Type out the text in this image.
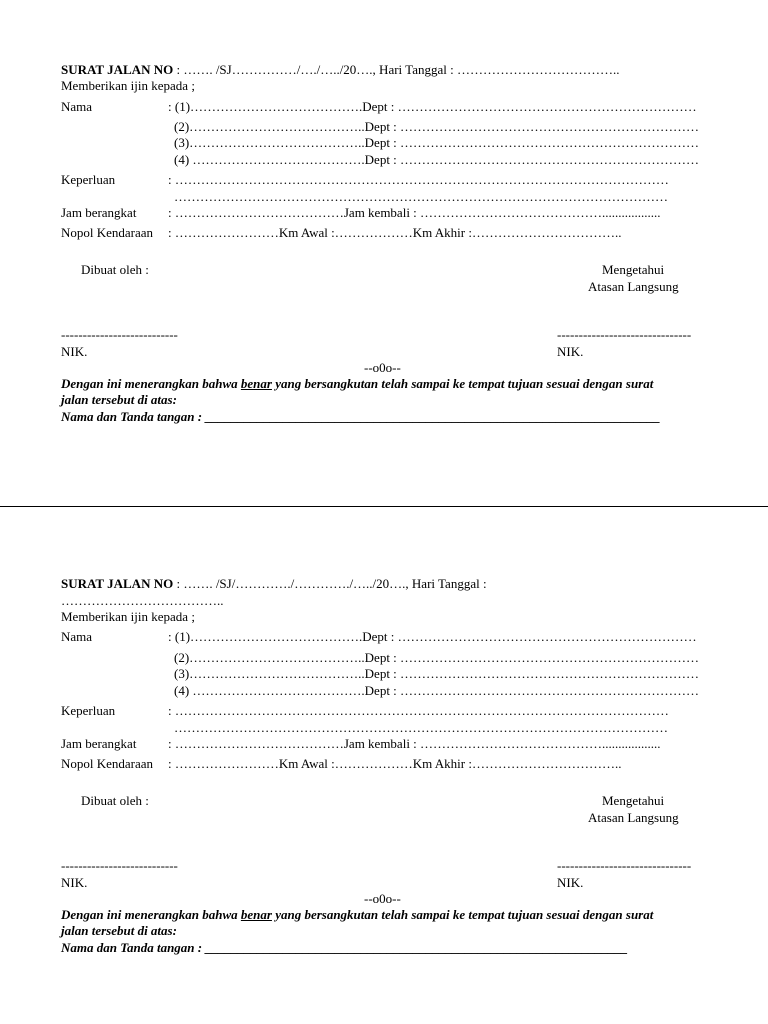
SURAT JALAN NO : ……. /SJ……………/…./…../20…., Hari Tanggal : ………………………………..
Memberikan ijin kepada ;
Nama	: (1)………………………………….Dept : ……………………………………………………………
(2)…………………………………..Dept : ……………………………………………………………
(3)…………………………………..Dept : ……………………………………………………………
(4) ………………………………….Dept : ……………………………………………………………
Keperluan	: ……………………………………………………………………………………………………
……………………………………………………………………………………………………
Jam berangkat : …………………………………Jam kembali : ……………………………………..................
Nopol Kendaraan : ……………………Km Awal :………………Km Akhir :……………………………..
Dibuat oleh :	Mengetahui
Atasan Langsung
---------------------------	-------------------------------
NIK.	NIK.
--o0o--
Dengan ini menerangkan bahwa benar yang bersangkutan telah sampai ke tempat tujuan sesuai dengan surat
jalan tersebut di atas:
Nama dan Tanda tangan : ______________________________________________________________________
SURAT JALAN NO : ……. /SJ/…………./…………./…../20…., Hari Tanggal :
………………………………..
Memberikan ijin kepada ;
Nama	: (1)………………………………….Dept : ……………………………………………………………
(2)…………………………………..Dept : ……………………………………………………………
(3)…………………………………..Dept : ……………………………………………………………
(4) ………………………………….Dept : ……………………………………………………………
Keperluan	: ……………………………………………………………………………………………………
……………………………………………………………………………………………………
Jam berangkat : …………………………………Jam kembali : ……………………………………..................
Nopol Kendaraan : ……………………Km Awal :………………Km Akhir :……………………………..
Dibuat oleh :	Mengetahui
Atasan Langsung
---------------------------	-------------------------------
NIK.	NIK.
--o0o--
Dengan ini menerangkan bahwa benar yang bersangkutan telah sampai ke tempat tujuan sesuai dengan surat
jalan tersebut di atas:
Nama dan Tanda tangan : _________________________________________________________________
